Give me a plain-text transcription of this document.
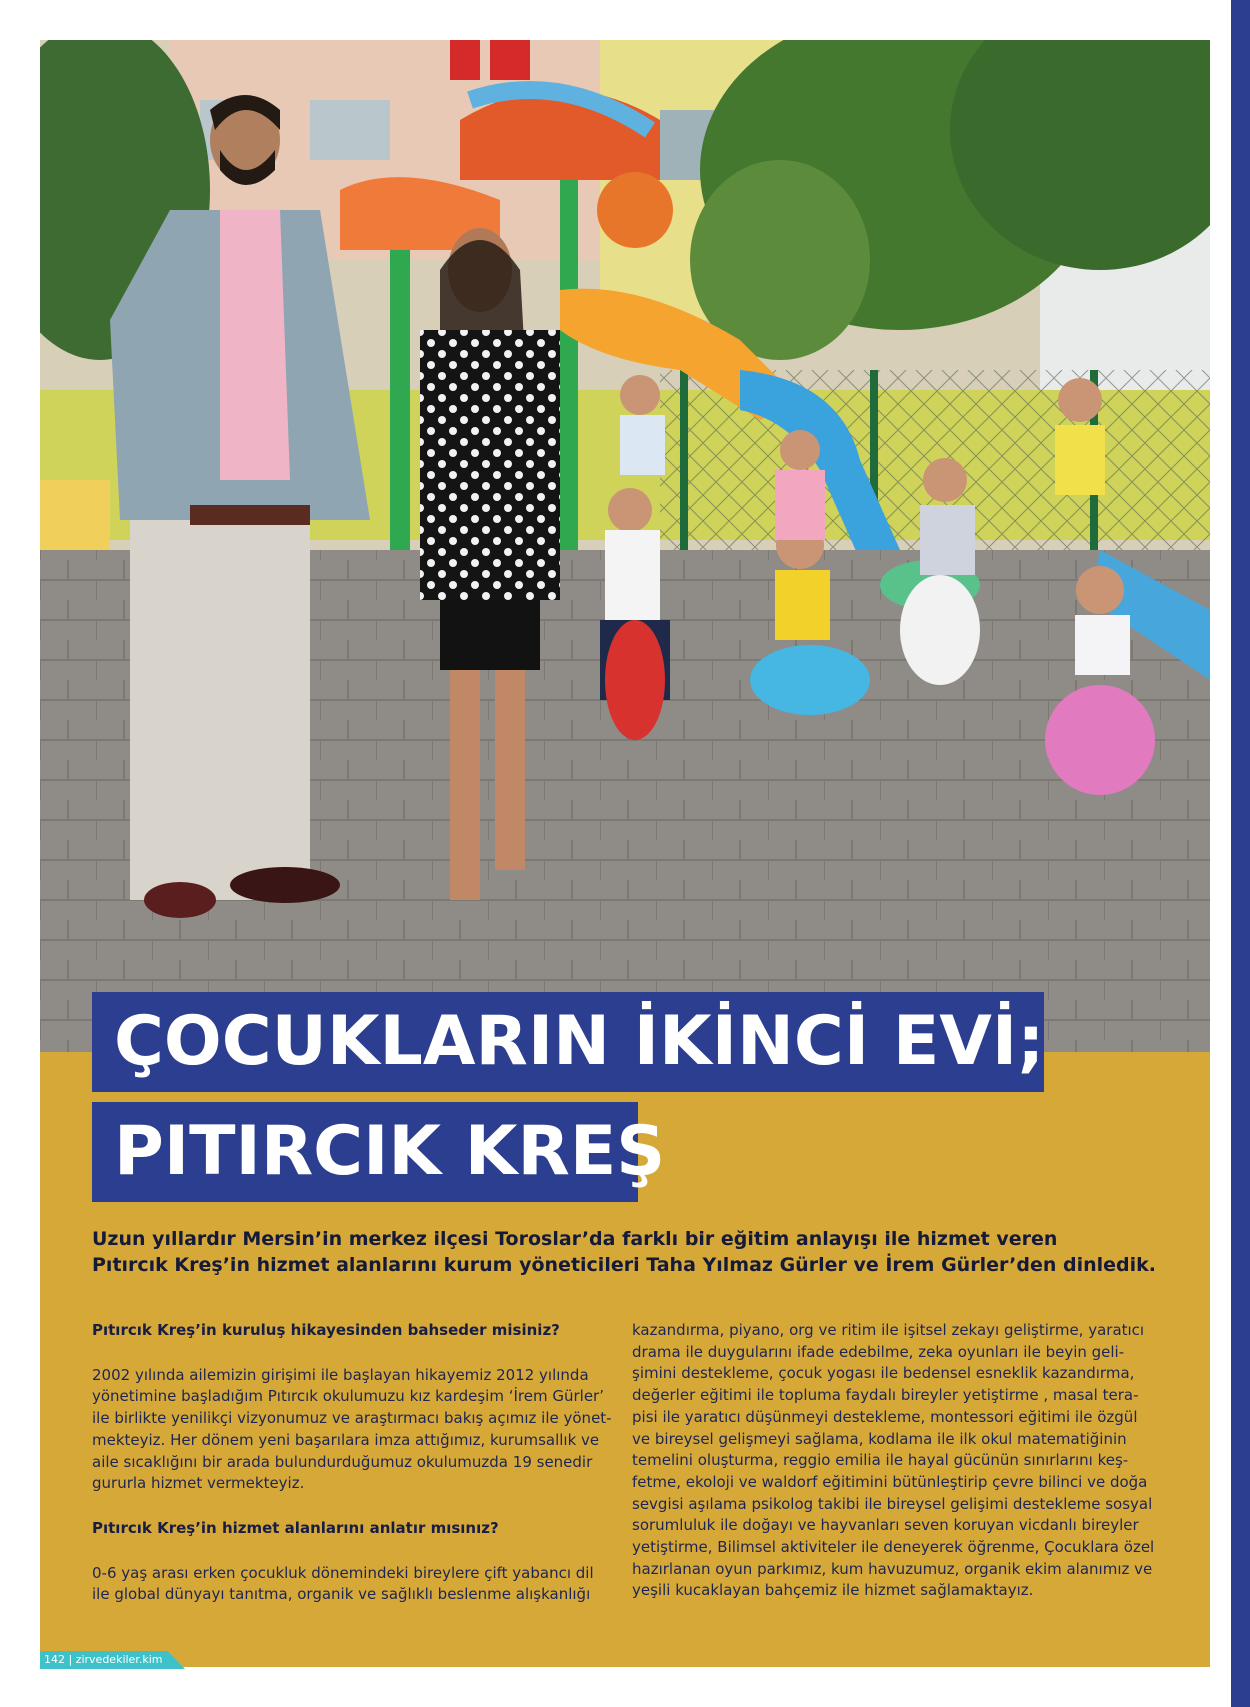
ÇOCUKLARIN İKİNCİ EVİ;
PITIRCIK KREŞ

Uzun yıllardır Mersin’in merkez ilçesi Toroslar’da farklı bir eğitim anlayışı ile hizmet veren

Pıtırcık Kreş’in hizmet alanlarını kurum yöneticileri Taha Yılmaz Gürler ve İrem Gürler’den dinledik.

Pıtırcık Kreş’in kuruluş hikayesinden bahseder misiniz?
2002 yılında ailemizin girişimi ile başlayan hikayemiz 2012 yılında
yönetimine başladığım Pıtırcık okulumuzu kız kardeşim ‘İrem Gürler’
ile birlikte yenilikçi vizyonumuz ve araştırmacı bakış açımız ile yönet-
mekteyiz. Her dönem yeni başarılara imza attığımız, kurumsallık ve
aile sıcaklığını bir arada bulundurduğumuz okulumuzda 19 senedir
gururla hizmet vermekteyiz.
Pıtırcık Kreş’in hizmet alanlarını anlatır mısınız?
0-6 yaş arası erken çocukluk dönemindeki bireylere çift yabancı dil
ile global dünyayı tanıtma, organik ve sağlıklı beslenme alışkanlığı
kazandırma, piyano, org ve ritim ile işitsel zekayı geliştirme, yaratıcı
drama ile duygularını ifade edebilme, zeka oyunları ile beyin geli-
şimini destekleme, çocuk yogası ile bedensel esneklik kazandırma,
değerler eğitimi ile topluma faydalı bireyler yetiştirme , masal tera-
pisi ile yaratıcı düşünmeyi destekleme, montessori eğitimi ile özgül
ve bireysel gelişmeyi sağlama, kodlama ile ilk okul matematiğinin
temelini oluşturma, reggio emilia ile hayal gücünün sınırlarını keş-
fetme, ekoloji ve waldorf eğitimini bütünleştirip çevre bilinci ve doğa
sevgisi aşılama psikolog takibi ile bireysel gelişimi destekleme sosyal
sorumluluk ile doğayı ve hayvanları seven koruyan vicdanlı bireyler
yetiştirme, Bilimsel aktiviteler ile deneyerek öğrenme, Çocuklara özel
hazırlanan oyun parkımız, kum havuzumuz, organik ekim alanımız ve
yeşili kucaklayan bahçemiz ile hizmet sağlamaktayız.
142 | zirvedekiler.kim
